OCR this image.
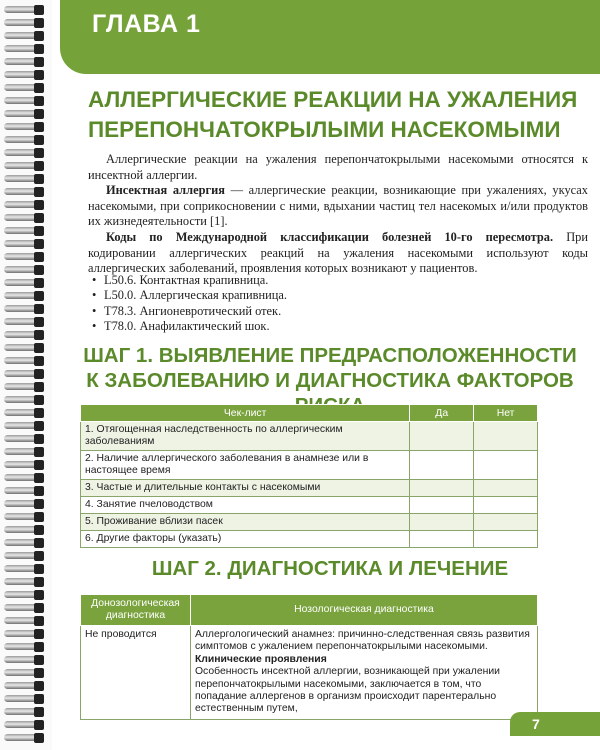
ГЛАВА 1
АЛЛЕРГИЧЕСКИЕ РЕАКЦИИ НА УЖАЛЕНИЯ
ПЕРЕПОНЧАТОКРЫЛЫМИ НАСЕКОМЫМИ

Аллергические реакции на ужаления перепончатокрылыми насекомыми относятся к инсектной аллергии.

Инсектная аллергия — аллергические реакции, возникающие при ужалениях, укусах насекомыми, при соприкосновении с ними, вдыхании частиц тел насекомых и/или продуктов их жизнедеятельности [1].

Коды по Международной классификации болезней 10-го пересмотра. При кодировании аллергических реакций на ужаления насекомыми используют коды аллергических заболеваний, проявления которых возникают у пациентов.

• L50.6. Контактная крапивница.
• L50.0. Аллергическая крапивница.
• T78.3. Ангионевротический отек.
• T78.0. Анафилактический шок.
ШАГ 1. ВЫЯВЛЕНИЕ ПРЕДРАСПОЛОЖЕННОСТИ
К ЗАБОЛЕВАНИЮ И ДИАГНОСТИКА ФАКТОРОВ
Чек-лист	Да	Нет
1. Отягощенная наследственность по аллергическим заболеваниям		
2. Наличие аллергического заболевания в анамнезе или в настоящее время		
3. Частые и длительные контакты с насекомыми		
4. Занятие пчеловодством		
5. Проживание вблизи пасек		
6. Другие факторы (указать)		
ШАГ 2. ДИАГНОСТИКА И ЛЕЧЕНИЕ
Донозологическая диагностика	Нозологическая диагностика
Не проводится	Аллергологический анамнез: причинно-следственная связь развития симптомов с ужалением перепончатокрылыми насекомыми.
Клинические проявления
Особенность инсектной аллергии, возникающей при ужалении перепончатокрылыми насекомыми, заключается в том, что попадание аллергенов в организм происходит парентерально естественным путем,
7
